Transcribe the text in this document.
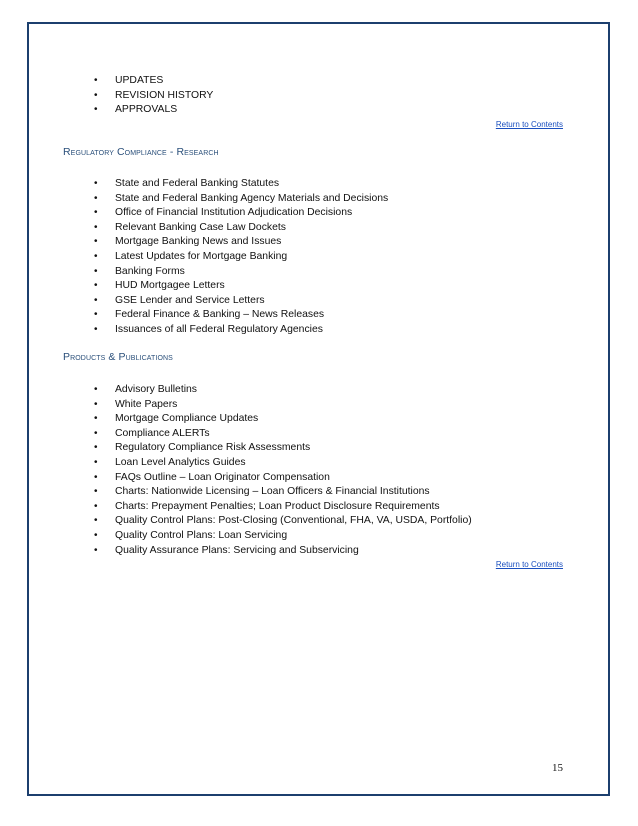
• UPDATES
• REVISION HISTORY
• APPROVALS
Return to Contents
Regulatory Compliance - Research
• State and Federal Banking Statutes
• State and Federal Banking Agency Materials and Decisions
• Office of Financial Institution Adjudication Decisions
• Relevant Banking Case Law Dockets
• Mortgage Banking News and Issues
• Latest Updates for Mortgage Banking
• Banking Forms
• HUD Mortgagee Letters
• GSE Lender and Service Letters
• Federal Finance & Banking – News Releases
• Issuances of all Federal Regulatory Agencies
Products & Publications
• Advisory Bulletins
• White Papers
• Mortgage Compliance Updates
• Compliance ALERTs
• Regulatory Compliance Risk Assessments
• Loan Level Analytics Guides
• FAQs Outline – Loan Originator Compensation
• Charts: Nationwide Licensing – Loan Officers & Financial Institutions
• Charts: Prepayment Penalties; Loan Product Disclosure Requirements
• Quality Control Plans: Post-Closing (Conventional, FHA, VA, USDA, Portfolio)
• Quality Control Plans: Loan Servicing
• Quality Assurance Plans: Servicing and Subservicing
Return to Contents
15
